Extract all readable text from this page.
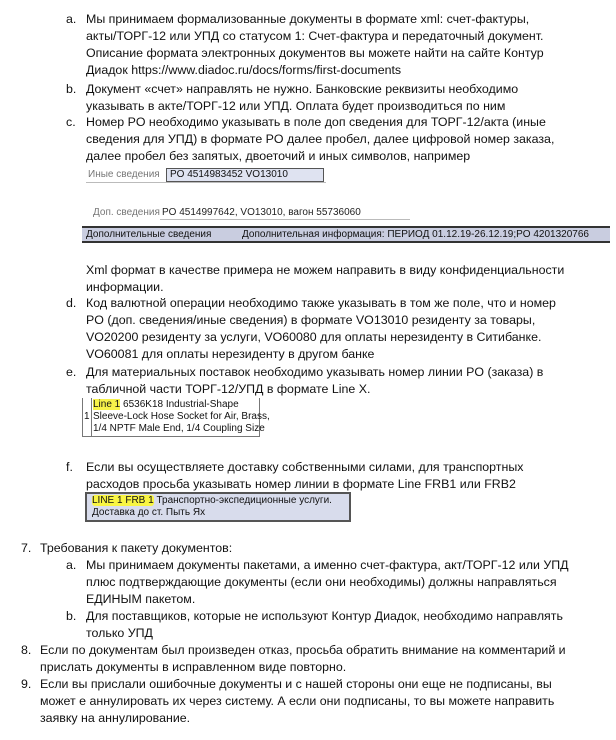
a. Мы принимаем формализованные документы в формате xml: счет-фактуры,
акты/ТОРГ-12 или УПД со статусом 1: Счет-фактура и передаточный документ.
Описание формата электронных документов вы можете найти на сайте Контур
Диадок https://www.diadoc.ru/docs/forms/first-documents
b. Документ «счет» направлять не нужно. Банковские реквизиты необходимо
указывать в акте/ТОРГ-12 или УПД. Оплата будет производиться по ним
c. Номер PO необходимо указывать в поле доп сведения для ТОРГ-12/акта (иные
сведения для УПД) в формате PO далее пробел, далее цифровой номер заказа,
далее пробел без запятых, двоеточий и иных символов, например
Иные сведения	PO 4514983452 VO13010
Доп. сведения PO 4514997642, VO13010, вагон 55736060
Дополнительные сведения	Дополнительная информация: ПЕРИОД 01.12.19-26.12.19;PO 4201320766
Xml формат в качестве примера не можем направить в виду конфиденциальности
информации.
d. Код валютной операции необходимо также указывать в том же поле, что и номер
PO (доп. сведения/иные сведения) в формате VO13010 резиденту за товары,
VO20200 резиденту за услуги, VO60080 для оплаты нерезиденту в Ситибанке.
VO60081 для оплаты нерезиденту в другом банке
e. Для материальных поставок необходимо указывать номер линии PO (заказа) в
табличной части ТОРГ-12/УПД в формате Line X.
1
Line 1 6536K18 Industrial-Shape
Sleeve-Lock Hose Socket for Air, Brass,
1/4 NPTF Male End, 1/4 Coupling Size
f. Если вы осуществляете доставку собственными силами, для транспортных
расходов просьба указывать номер линии в формате Line FRB1 или FRB2
LINE 1 FRB 1 Транспортно-экспедиционные услуги.
Доставка до ст. Пыть Ях
7. Требования к пакету документов:
a. Мы принимаем документы пакетами, а именно счет-фактура, акт/ТОРГ-12 или УПД
плюс подтверждающие документы (если они необходимы) должны направляться
ЕДИНЫМ пакетом.
b. Для поставщиков, которые не используют Контур Диадок, необходимо направлять
только УПД
8. Если по документам был произведен отказ, просьба обратить внимание на комментарий и
прислать документы в исправленном виде повторно.
9. Если вы прислали ошибочные документы и с нашей стороны они еще не подписаны, вы
может е аннулировать их через систему. А если они подписаны, то вы можете направить
заявку на аннулирование.
